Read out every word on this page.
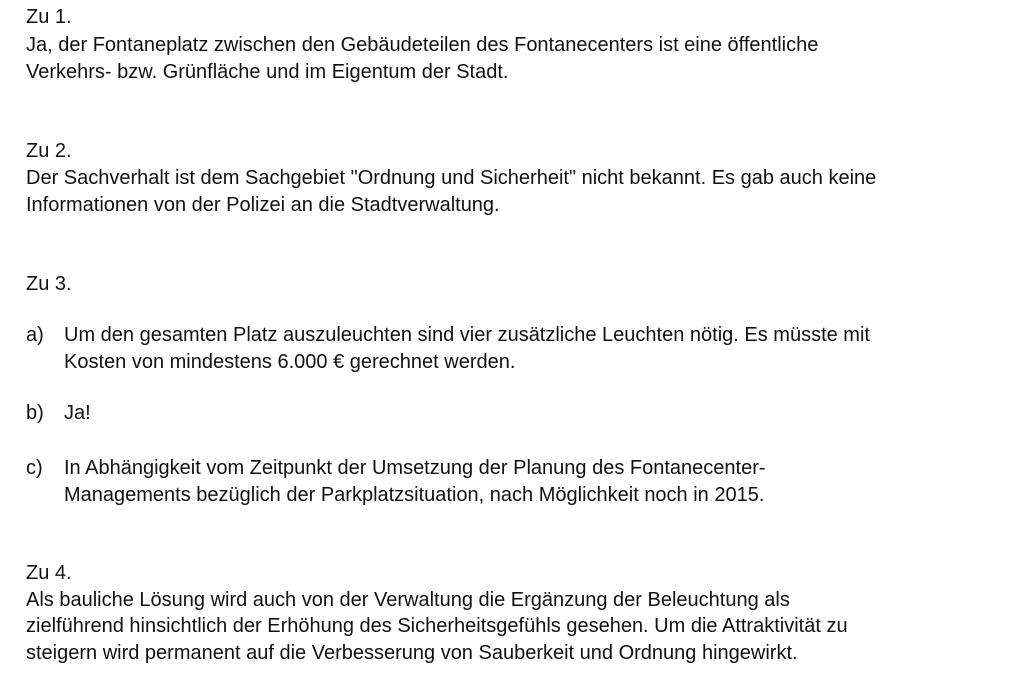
Zu 1.
Ja, der Fontaneplatz zwischen den Gebäudeteilen des Fontanecenters ist eine öffentliche
Verkehrs- bzw. Grünfläche und im Eigentum der Stadt.
Zu 2.
Der Sachverhalt ist dem Sachgebiet "Ordnung und Sicherheit" nicht bekannt. Es gab auch keine
Informationen von der Polizei an die Stadtverwaltung.
Zu 3.
a)	Um den gesamten Platz auszuleuchten sind vier zusätzliche Leuchten nötig. Es müsste mit
Kosten von mindestens 6.000 € gerechnet werden.
b)	Ja!
c)	In Abhängigkeit vom Zeitpunkt der Umsetzung der Planung des Fontanecenter-
Managements bezüglich der Parkplatzsituation, nach Möglichkeit noch in 2015.
Zu 4.
Als bauliche Lösung wird auch von der Verwaltung die Ergänzung der Beleuchtung als
zielführend hinsichtlich der Erhöhung des Sicherheitsgefühls gesehen. Um die Attraktivität zu
steigern wird permanent auf die Verbesserung von Sauberkeit und Ordnung hingewirkt.
